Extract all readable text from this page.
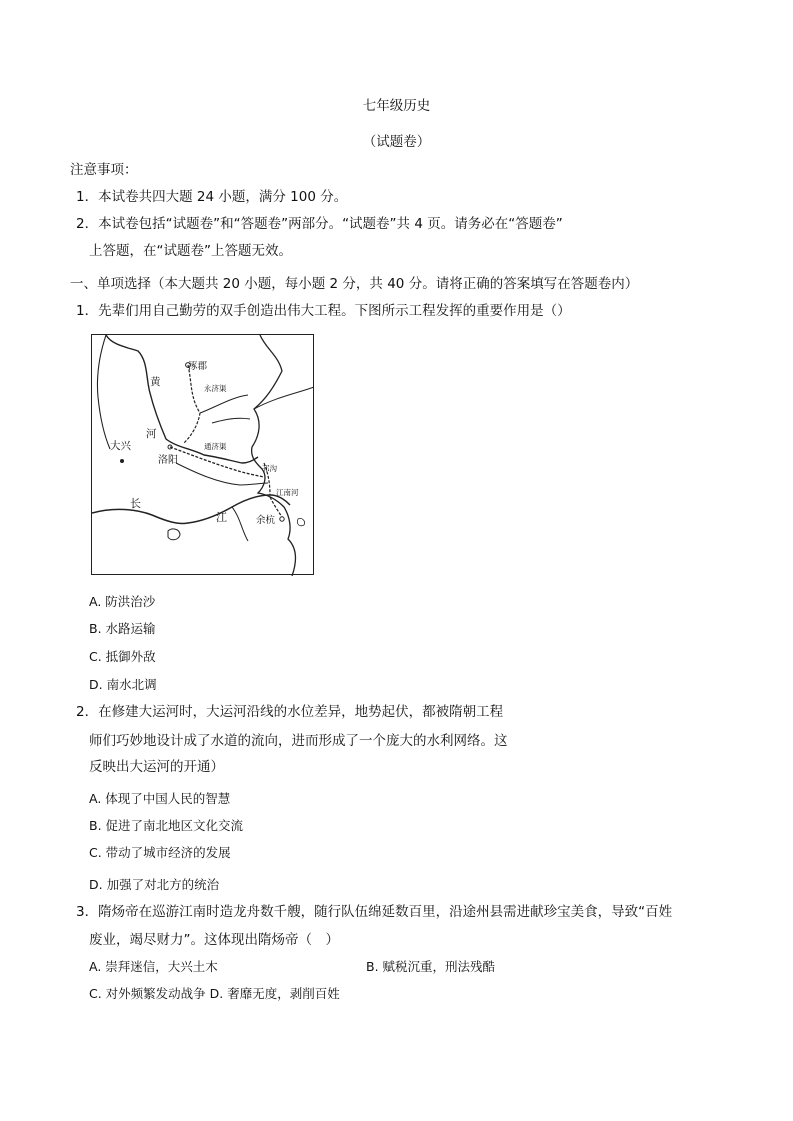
七年级历史
（试题卷）
注意事项：
1．本试卷共四大题 24 小题，满分 100 分。
2．本试卷包括“试题卷”和“答题卷”两部分。“试题卷”共 4 页。请务必在“答题卷”
上答题，在“试题卷”上答题无效。
一、单项选择（本大题共 20 小题，每小题 2 分，共 40 分。请将正确的答案填写在答题卷内）
1．先辈们用自己勤劳的双手创造出伟大工程。下图所示工程发挥的重要作用是（）
涿郡
永济渠
黄
河
大兴
洛阳
通济渠
邗沟
江南河
长
江	余杭
A. 防洪治沙
B. 水路运输
C. 抵御外敌
D. 南水北调
2．在修建大运河时，大运河沿线的水位差异，地势起伏，都被隋朝工程
师们巧妙地设计成了水道的流向，进而形成了一个庞大的水利网络。这
反映出大运河的开通）
A. 体现了中国人民的智慧
B. 促进了南北地区文化交流
C. 带动了城市经济的发展
D. 加强了对北方的统治
3．隋炀帝在巡游江南时造龙舟数千艘，随行队伍绵延数百里，沿途州县需进献珍宝美食，导致“百姓
废业，竭尽财力”。这体现出隋炀帝（　）
A. 崇拜迷信，大兴土木	B. 赋税沉重，刑法残酷
C. 对外频繁发动战争 D. 奢靡无度，剥削百姓
